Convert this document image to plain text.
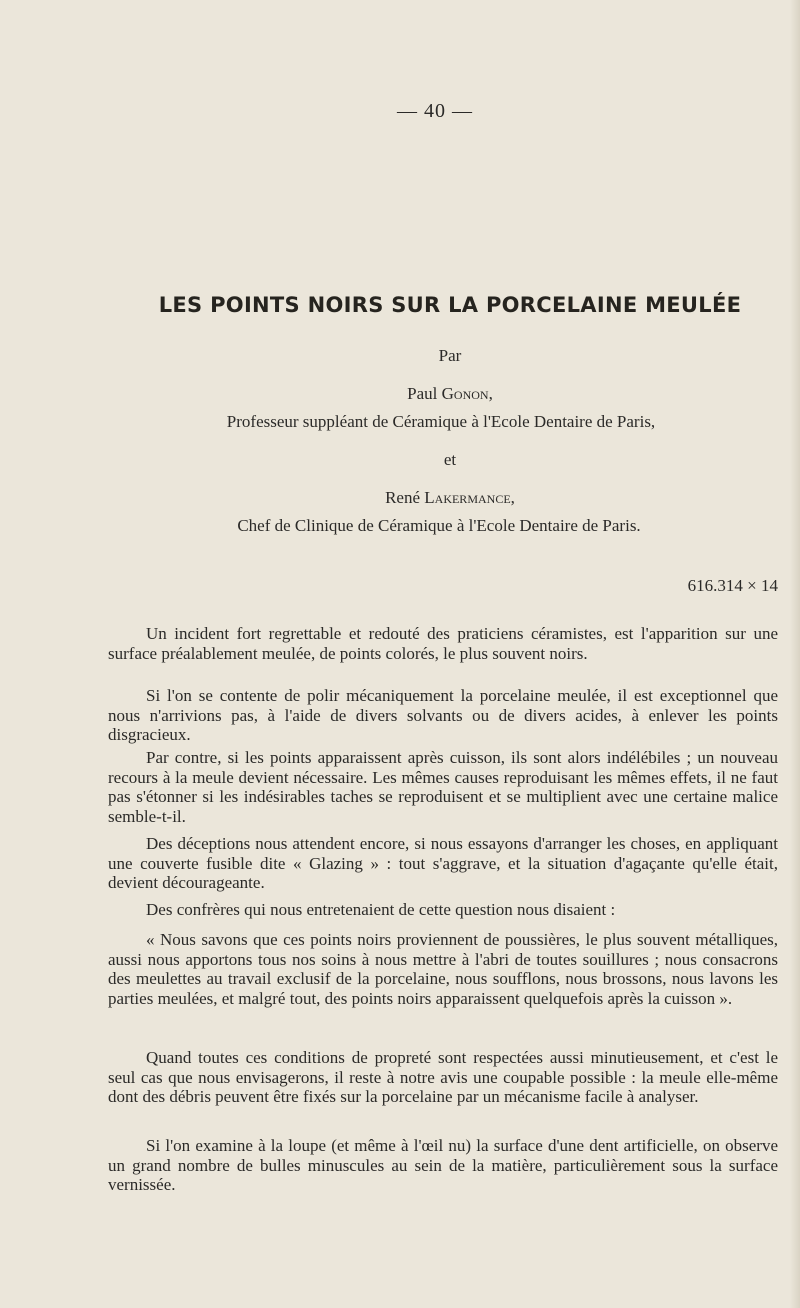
— 40 —
LES POINTS NOIRS SUR LA PORCELAINE MEULÉE
Par
Paul Gonon,
Professeur suppléant de Céramique à l'Ecole Dentaire de Paris,
et
René Lakermance,
Chef de Clinique de Céramique à l'Ecole Dentaire de Paris.
616.314 × 14
Un incident fort regrettable et redouté des praticiens céramistes, est l'apparition sur une surface préalablement meulée, de points colorés, le plus souvent noirs.
Si l'on se contente de polir mécaniquement la porcelaine meulée, il est exceptionnel que nous n'arrivions pas, à l'aide de divers solvants ou de divers acides, à enlever les points disgracieux.
Par contre, si les points apparaissent après cuisson, ils sont alors indélébiles ; un nouveau recours à la meule devient nécessaire. Les mêmes causes reproduisant les mêmes effets, il ne faut pas s'étonner si les indésirables taches se reproduisent et se multiplient avec une certaine malice semble-t-il.
Des déceptions nous attendent encore, si nous essayons d'arranger les choses, en appliquant une couverte fusible dite « Glazing » : tout s'aggrave, et la situation d'agaçante qu'elle était, devient décourageante.
Des confrères qui nous entretenaient de cette question nous disaient :
« Nous savons que ces points noirs proviennent de poussières, le plus souvent métalliques, aussi nous apportons tous nos soins à nous mettre à l'abri de toutes souillures ; nous consacrons des meulettes au travail exclusif de la porcelaine, nous soufflons, nous brossons, nous lavons les parties meulées, et malgré tout, des points noirs apparaissent quelquefois après la cuisson ».
Quand toutes ces conditions de propreté sont respectées aussi minutieusement, et c'est le seul cas que nous envisagerons, il reste à notre avis une coupable possible : la meule elle-même dont des débris peuvent être fixés sur la porcelaine par un mécanisme facile à analyser.
Si l'on examine à la loupe (et même à l'œil nu) la surface d'une dent artificielle, on observe un grand nombre de bulles minuscules au sein de la matière, particulièrement sous la surface vernissée.
